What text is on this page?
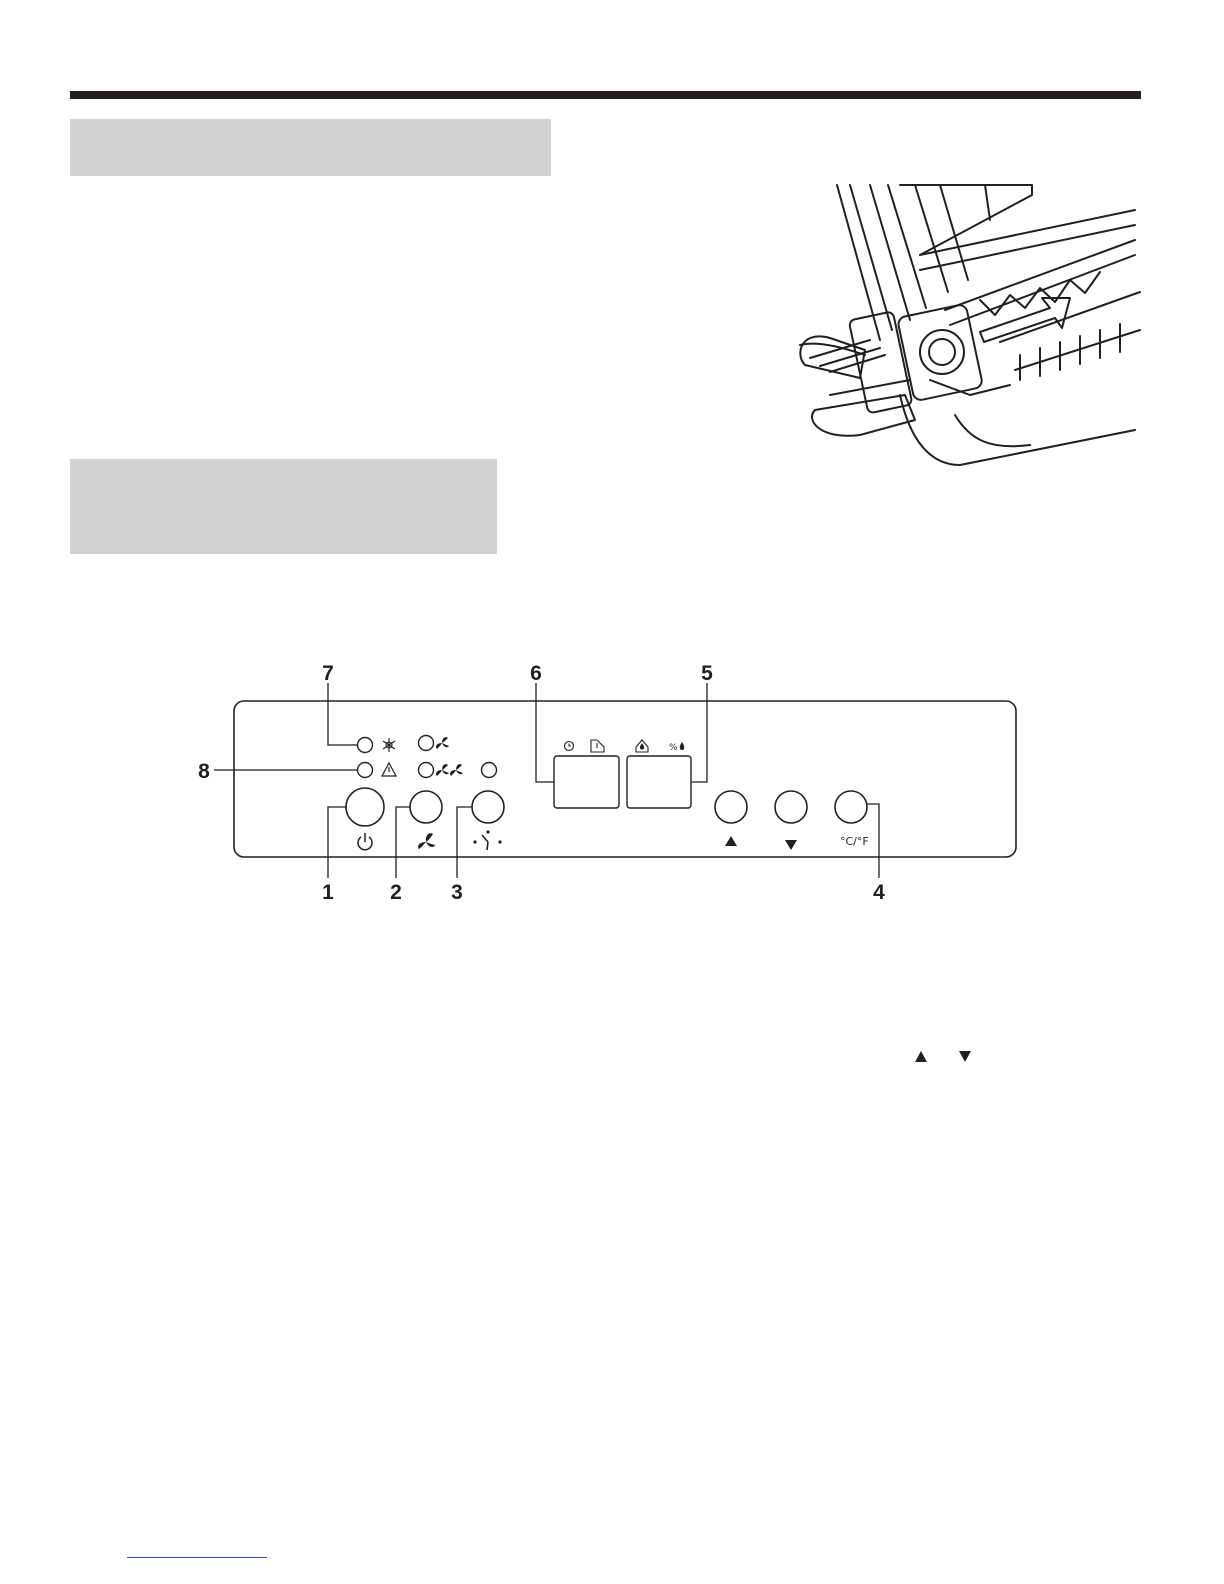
°C/°F
%
7	6	5
8
1	2 3	4
